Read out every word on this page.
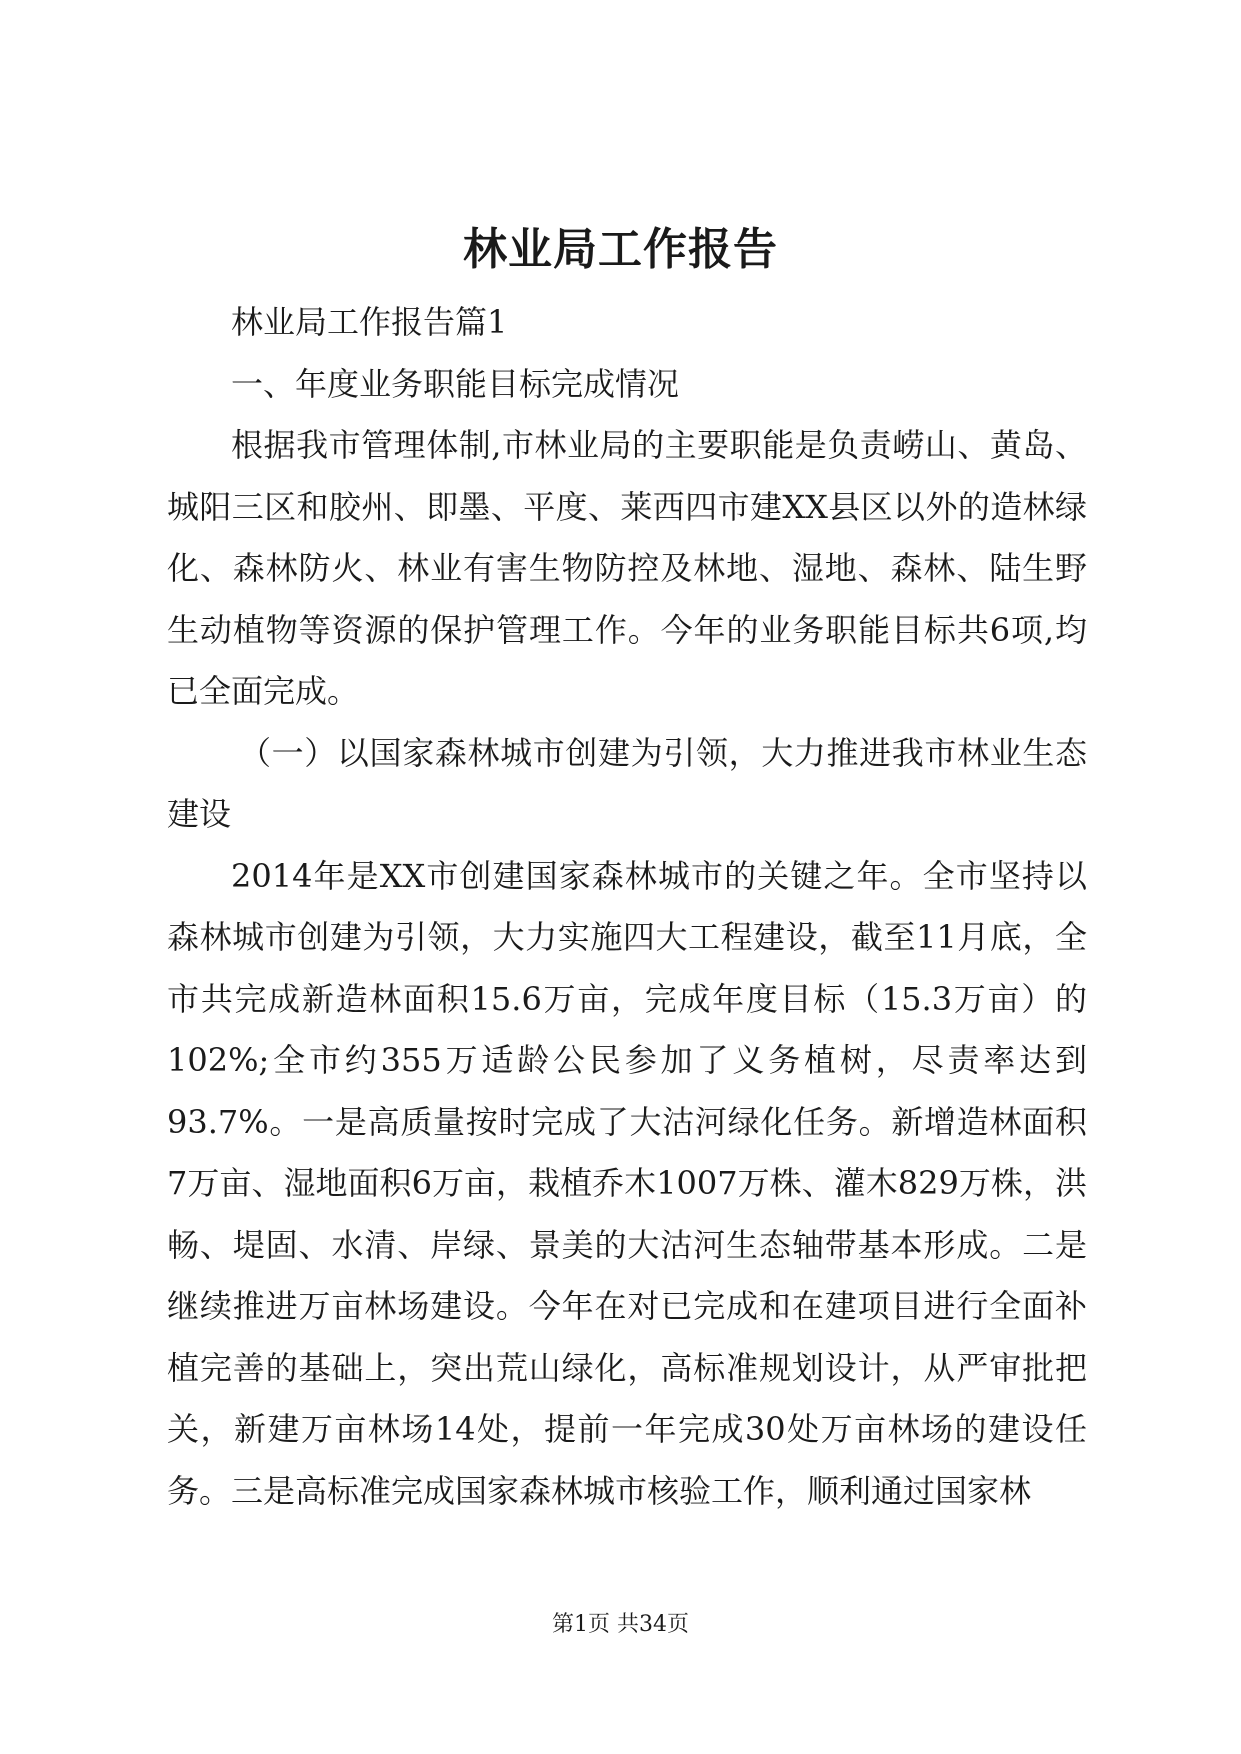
林业局工作报告

林业局工作报告篇1

一、年度业务职能目标完成情况

根据我市管理体制,市林业局的主要职能是负责崂山、黄岛、城阳三区和胶州、即墨、平度、莱西四市建XX县区以外的造林绿化、森林防火、林业有害生物防控及林地、湿地、森林、陆生野生动植物等资源的保护管理工作。今年的业务职能目标共6项,均已全面完成。

（一）以国家森林城市创建为引领，大力推进我市林业生态建设

2014年是XX市创建国家森林城市的关键之年。全市坚持以森林城市创建为引领，大力实施四大工程建设，截至11月底，全市共完成新造林面积15.6万亩，完成年度目标（15.3万亩）的102%;全市约355万适龄公民参加了义务植树，尽责率达到93.7%。一是高质量按时完成了大沽河绿化任务。新增造林面积7万亩、湿地面积6万亩，栽植乔木1007万株、灌木829万株，洪畅、堤固、水清、岸绿、景美的大沽河生态轴带基本形成。二是继续推进万亩林场建设。今年在对已完成和在建项目进行全面补植完善的基础上，突出荒山绿化，高标准规划设计，从严审批把关，新建万亩林场14处，提前一年完成30处万亩林场的建设任务。三是高标准完成国家森林城市核验工作，顺利通过国家林

第1页 共34页
